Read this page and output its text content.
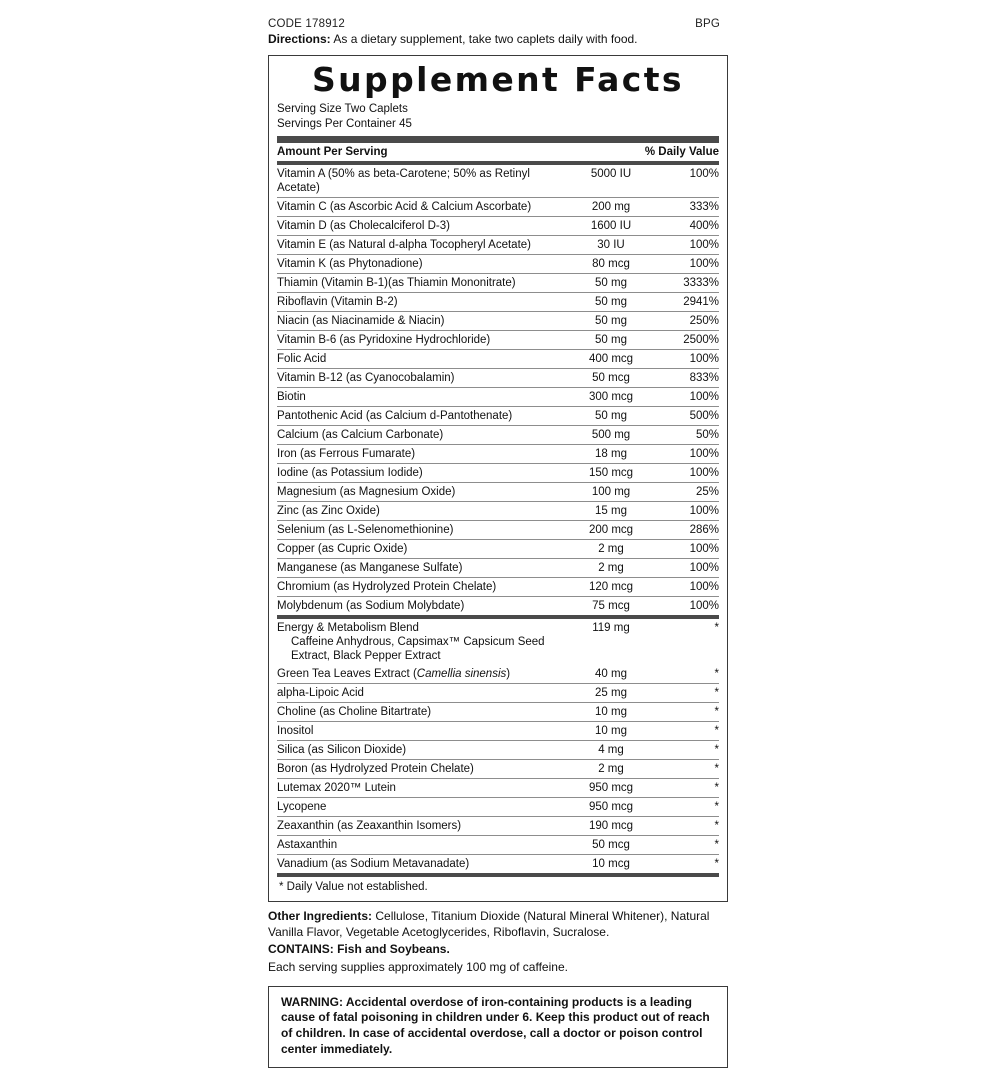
CODE 178912	BPG
Directions: As a dietary supplement, take two caplets daily with food.
Supplement Facts
Serving Size Two Caplets
Servings Per Container 45
Amount Per Serving		% Daily Value
Vitamin A (50% as beta-Carotene; 50% as Retinyl Acetate)	5000 IU	100%
Vitamin C (as Ascorbic Acid & Calcium Ascorbate)	200 mg	333%
Vitamin D (as Cholecalciferol D-3)	1600 IU	400%
Vitamin E (as Natural d-alpha Tocopheryl Acetate)	30 IU	100%
Vitamin K (as Phytonadione)	80 mcg	100%
Thiamin (Vitamin B-1)(as Thiamin Mononitrate)	50 mg	3333%
Riboflavin (Vitamin B-2)	50 mg	2941%
Niacin (as Niacinamide & Niacin)	50 mg	250%
Vitamin B-6 (as Pyridoxine Hydrochloride)	50 mg	2500%
Folic Acid	400 mcg	100%
Vitamin B-12 (as Cyanocobalamin)	50 mcg	833%
Biotin	300 mcg	100%
Pantothenic Acid (as Calcium d-Pantothenate)	50 mg	500%
Calcium (as Calcium Carbonate)	500 mg	50%
Iron (as Ferrous Fumarate)	18 mg	100%
Iodine (as Potassium Iodide)	150 mcg	100%
Magnesium (as Magnesium Oxide)	100 mg	25%
Zinc (as Zinc Oxide)	15 mg	100%
Selenium (as L-Selenomethionine)	200 mcg	286%
Copper (as Cupric Oxide)	2 mg	100%
Manganese (as Manganese Sulfate)	2 mg	100%
Chromium (as Hydrolyzed Protein Chelate)	120 mcg	100%
Molybdenum (as Sodium Molybdate)	75 mcg	100%
Energy & Metabolism Blend
Caffeine Anhydrous, Capsimax™ Capsicum Seed Extract, Black Pepper Extract
	119 mg	*
Green Tea Leaves Extract (Camellia sinensis)	40 mg	*
alpha-Lipoic Acid	25 mg	*
Choline (as Choline Bitartrate)	10 mg	*
Inositol	10 mg	*
Silica (as Silicon Dioxide)	4 mg	*
Boron (as Hydrolyzed Protein Chelate)	2 mg	*
Lutemax 2020™ Lutein	950 mcg	*
Lycopene	950 mcg	*
Zeaxanthin (as Zeaxanthin Isomers)	190 mcg	*
Astaxanthin	50 mcg	*
Vanadium (as Sodium Metavanadate)	10 mcg	*
* Daily Value not established.

Other Ingredients: Cellulose, Titanium Dioxide (Natural Mineral Whitener), Natural Vanilla Flavor, Vegetable Acetoglycerides, Riboflavin, Sucralose.

CONTAINS: Fish and Soybeans.

Each serving supplies approximately 100 mg of caffeine.

WARNING: Accidental overdose of iron-containing products is a leading cause of fatal poisoning in children under 6. Keep this product out of reach of children. In case of accidental overdose, call a doctor or poison control center immediately.
